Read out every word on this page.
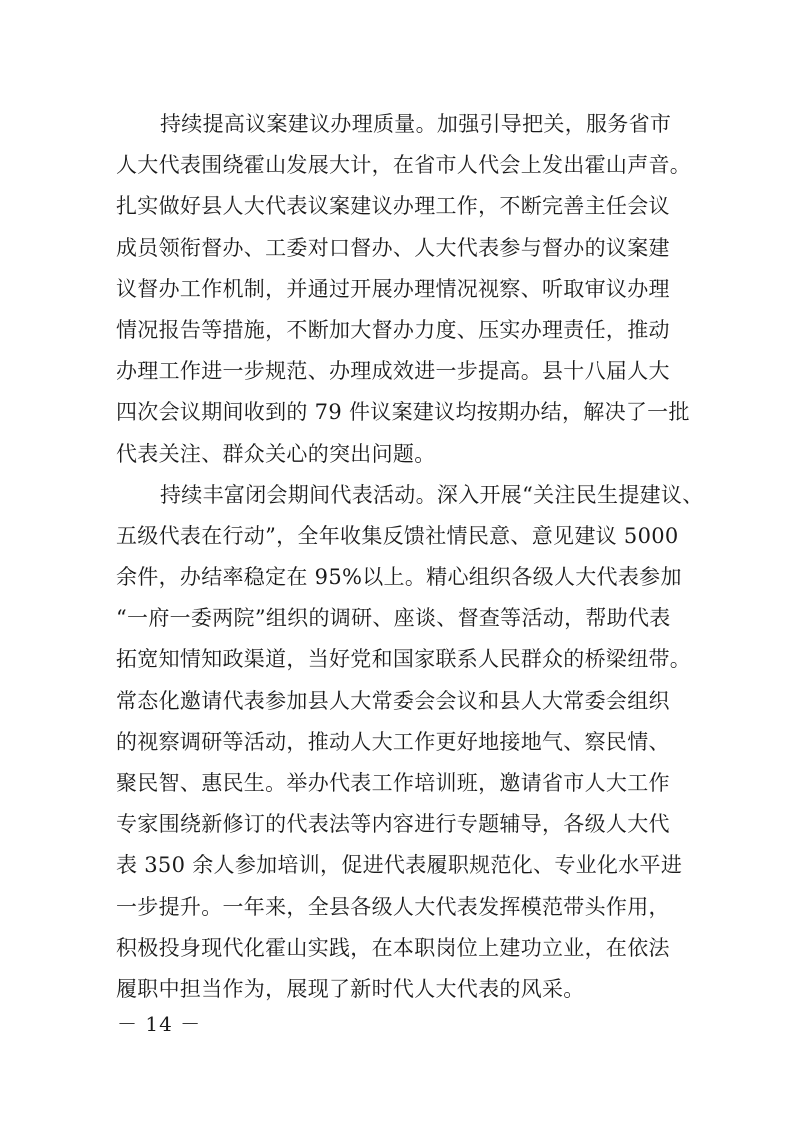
持续提高议案建议办理质量。加强引导把关，服务省市
人大代表围绕霍山发展大计，在省市人代会上发出霍山声音。
扎实做好县人大代表议案建议办理工作，不断完善主任会议
成员领衔督办、工委对口督办、人大代表参与督办的议案建
议督办工作机制，并通过开展办理情况视察、听取审议办理
情况报告等措施，不断加大督办力度、压实办理责任，推动
办理工作进一步规范、办理成效进一步提高。县十八届人大
四次会议期间收到的 79 件议案建议均按期办结，解决了一批
代表关注、群众关心的突出问题。
持续丰富闭会期间代表活动。深入开展“关注民生提建议、
五级代表在行动”，全年收集反馈社情民意、意见建议 5000
余件，办结率稳定在 95%以上。精心组织各级人大代表参加
“一府一委两院”组织的调研、座谈、督查等活动，帮助代表
拓宽知情知政渠道，当好党和国家联系人民群众的桥梁纽带。
常态化邀请代表参加县人大常委会会议和县人大常委会组织
的视察调研等活动，推动人大工作更好地接地气、察民情、
聚民智、惠民生。举办代表工作培训班，邀请省市人大工作
专家围绕新修订的代表法等内容进行专题辅导，各级人大代
表 350 余人参加培训，促进代表履职规范化、专业化水平进
一步提升。一年来，全县各级人大代表发挥模范带头作用，
积极投身现代化霍山实践，在本职岗位上建功立业，在依法
履职中担当作为，展现了新时代人大代表的风采。
－ 14 －
